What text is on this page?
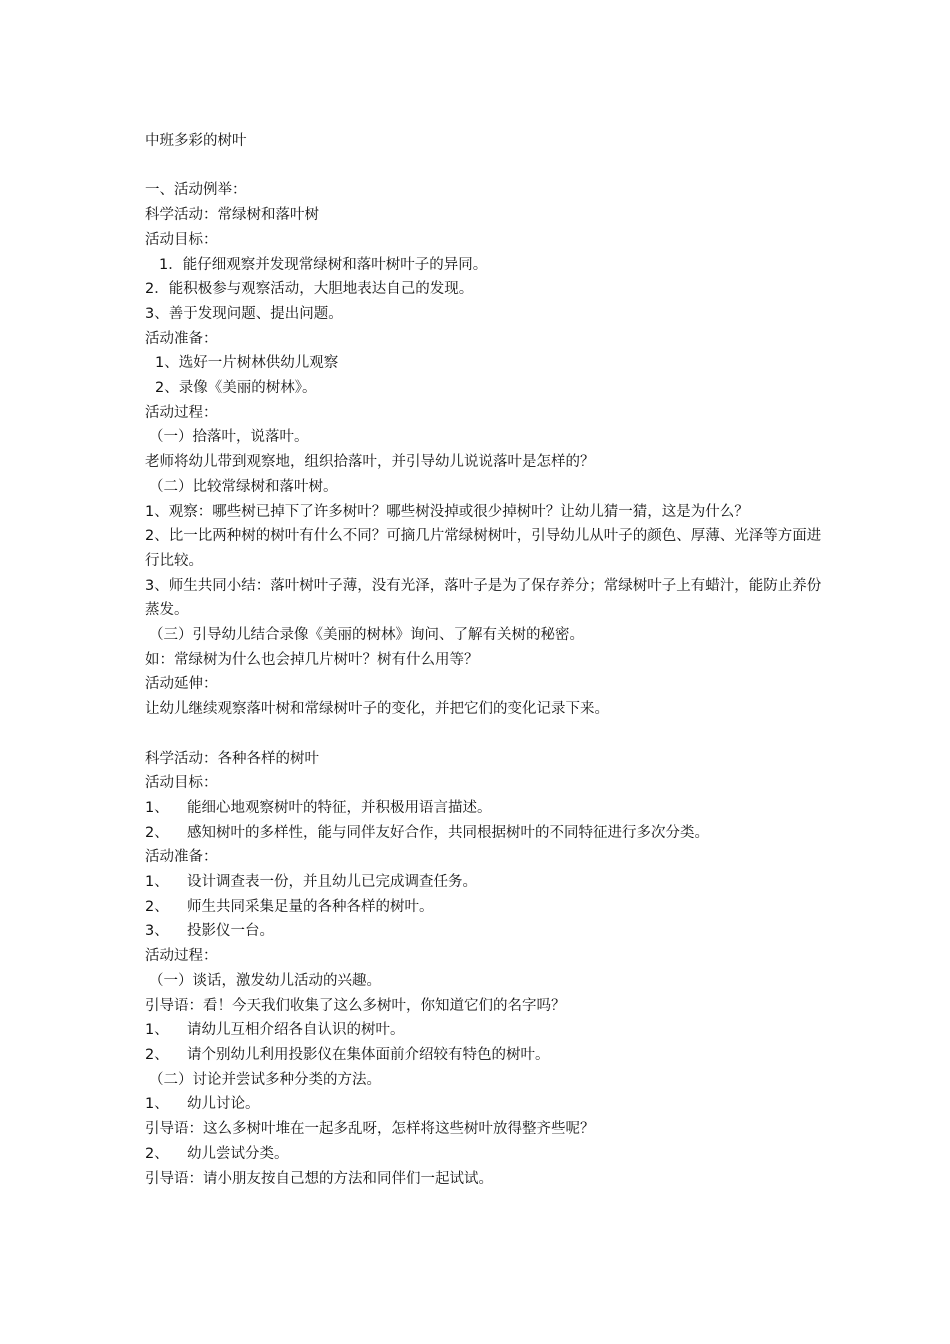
中班多彩的树叶
一、活动例举：
科学活动：常绿树和落叶树
活动目标：
1．能仔细观察并发现常绿树和落叶树叶子的异同。
2．能积极参与观察活动，大胆地表达自己的发现。
3、善于发现问题、提出问题。
活动准备：
1、选好一片树林供幼儿观察
2、录像《美丽的树林》。
活动过程：
（一）拾落叶，说落叶。
老师将幼儿带到观察地，组织拾落叶，并引导幼儿说说落叶是怎样的？
（二）比较常绿树和落叶树。
1、观察：哪些树已掉下了许多树叶？哪些树没掉或很少掉树叶？让幼儿猜一猜，这是为什么？
2、比一比两种树的树叶有什么不同？可摘几片常绿树树叶，引导幼儿从叶子的颜色、厚薄、光泽等方面进行比较。
3、师生共同小结：落叶树叶子薄，没有光泽，落叶子是为了保存养分；常绿树叶子上有蜡汁，能防止养份蒸发。
（三）引导幼儿结合录像《美丽的树林》询问、了解有关树的秘密。
如：常绿树为什么也会掉几片树叶？树有什么用等？
活动延伸：
让幼儿继续观察落叶树和常绿树叶子的变化，并把它们的变化记录下来。
科学活动：各种各样的树叶
活动目标：
1、 能细心地观察树叶的特征，并积极用语言描述。
2、 感知树叶的多样性，能与同伴友好合作，共同根据树叶的不同特征进行多次分类。
活动准备：
1、 设计调查表一份，并且幼儿已完成调查任务。
2、 师生共同采集足量的各种各样的树叶。
3、 投影仪一台。
活动过程：
（一）谈话，激发幼儿活动的兴趣。
引导语：看！今天我们收集了这么多树叶，你知道它们的名字吗？
1、 请幼儿互相介绍各自认识的树叶。
2、 请个别幼儿利用投影仪在集体面前介绍较有特色的树叶。
（二）讨论并尝试多种分类的方法。
1、 幼儿讨论。
引导语：这么多树叶堆在一起多乱呀，怎样将这些树叶放得整齐些呢？
2、 幼儿尝试分类。
引导语：请小朋友按自己想的方法和同伴们一起试试。
